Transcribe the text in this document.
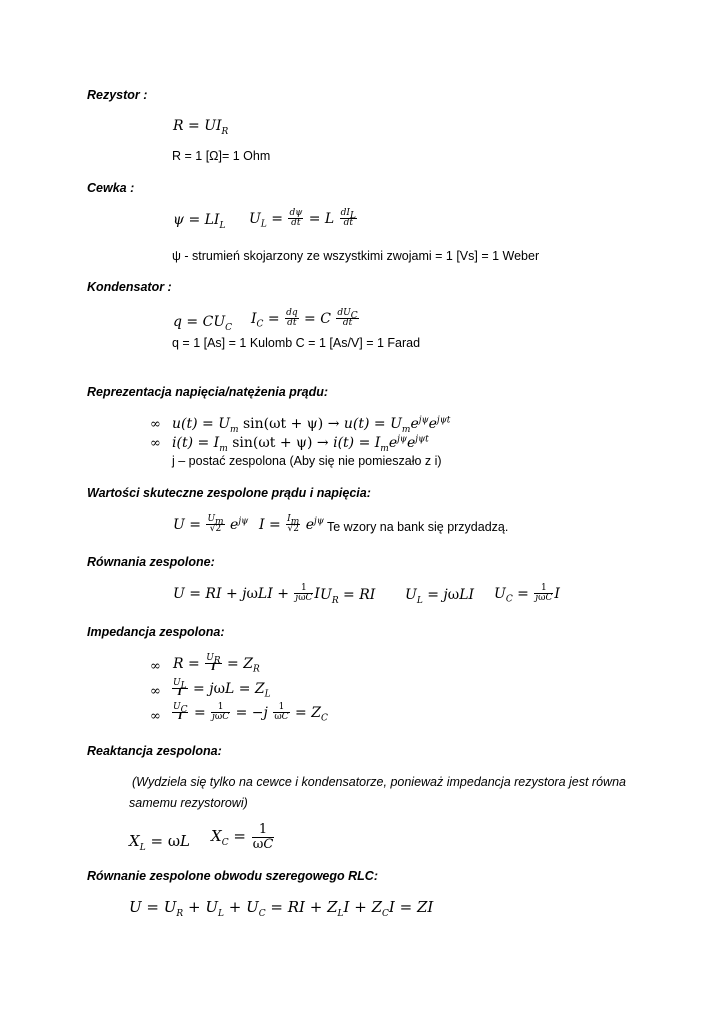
Rezystor :
$R = UI_R$
R = 1 [Ω]= 1 Ohm
Cewka :
$\psi = LI_L$ $U_L = \frac{d\psi}{dt} = L$ $dI_L$
dt
ψ - strumień skojarzony ze wszystkimi zwojami = 1 [Vs] = 1 Weber
Kondensator :
$q = CU_C$
$I_C = \frac{dq}{dt} = C$ $dU_C$
dt
q = 1 [As] = 1 Kulomb C = 1 [As/V] = 1 Farad
Reprezentacja napięcia/natężenia prądu:
∞ $u(t) = U_m$ $\sin(\omega t + \psi) \to u(t) = U_me^{j\psi}e^{j\psi t}$
∞ $i(t) = I_m$ $\sin(\omega t + \psi) \to i(t) = I_me^{j\psi}e^{j\psi t}$
j – postać zespolona (Aby się nie pomieszało z i)
Wartości skuteczne zespolone prądu i napięcia:
$U = \frac{U_m}{√2} e^{j\psi}$ $I = \frac{I_m}{√2} e^{j\psi}$ Te wzory na bank się przydadzą.
Równania zespolone:
U = RI + jωLI +	1
jωC I $U_R$ = RI $U_L = j\omega LI$ $U_C$ =	1
jωC I
Impedancja zespolona:
∞ $R = \frac{U_R}{I} = Z_R$
∞ $\frac{U_L}{I} = j\omega L = Z_L$
∞ $\frac{U_C}{I}$ =	1
$j\omega C = -j \frac{1}{\omega C} = Z_C$
Reaktancja zespolona:
(Wydziela się tylko na cewce i kondensatorze, ponieważ impedancja rezystora jest równa
samemu rezystorowi)
$X_L = \omega L$ $X_C = \frac{1}{\omega C}$
Równanie zespolone obwodu szeregowego RLC:
$U = U_R + U_L + U_C$ = RI + $Z_LI + Z_CI$ = ZI
